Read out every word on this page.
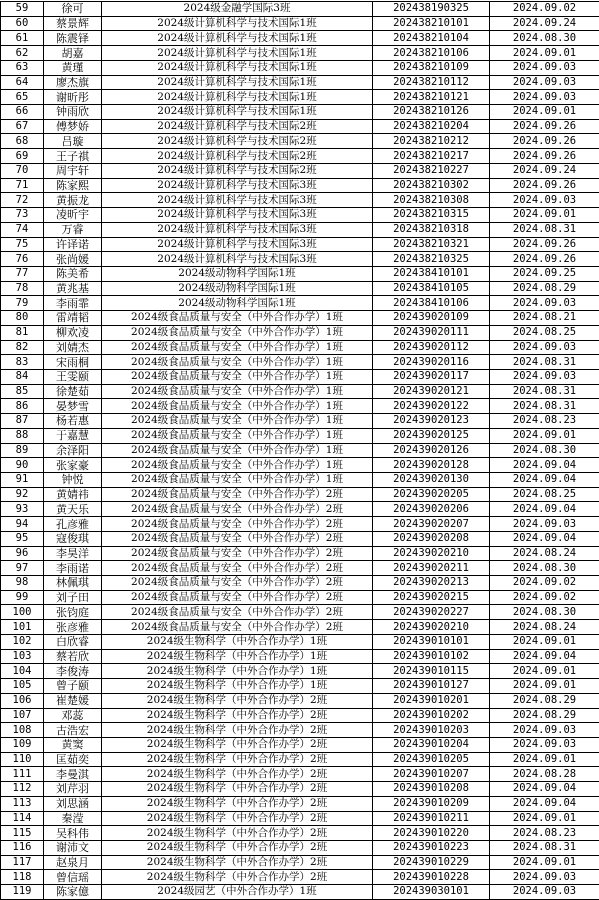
59	徐可	2024级金融学国际3班	202438190325	2024.09.02
60	蔡景辉	2024级计算机科学与技术国际1班	202438210101	2024.09.24
61	陈震铎	2024级计算机科学与技术国际1班	202438210104	2024.08.30
62	胡嘉	2024级计算机科学与技术国际1班	202438210106	2024.09.01
63	黄瑾	2024级计算机科学与技术国际1班	202438210109	2024.09.03
64	廖杰旗	2024级计算机科学与技术国际1班	202438210112	2024.09.03
65	谢昕彤	2024级计算机科学与技术国际1班	202438210121	2024.09.03
66	钟雨欣	2024级计算机科学与技术国际1班	202438210126	2024.09.01
67	傅梦娇	2024级计算机科学与技术国际2班	202438210204	2024.09.26
68	吕璇	2024级计算机科学与技术国际2班	202438210212	2024.09.26
69	王子祺	2024级计算机科学与技术国际2班	202438210217	2024.09.26
70	周宇轩	2024级计算机科学与技术国际2班	202438210227	2024.09.24
71	陈家熙	2024级计算机科学与技术国际3班	202438210302	2024.09.26
72	黄振龙	2024级计算机科学与技术国际3班	202438210308	2024.09.03
73	凌昕宇	2024级计算机科学与技术国际3班	202438210315	2024.09.01
74	万睿	2024级计算机科学与技术国际3班	202438210318	2024.08.31
75	许译诺	2024级计算机科学与技术国际3班	202438210321	2024.09.26
76	张尚媛	2024级计算机科学与技术国际3班	202438210325	2024.09.26
77	陈美希	2024级动物科学国际1班	202438410101	2024.09.25
78	黄兆基	2024级动物科学国际1班	202438410105	2024.08.29
79	李雨霏	2024级动物科学国际1班	202438410106	2024.09.03
80	雷靖韬	2024级食品质量与安全（中外合作办学）1班	202439020109	2024.08.21
81	柳欢凌	2024级食品质量与安全（中外合作办学）1班	202439020111	2024.08.25
82	刘婧杰	2024级食品质量与安全（中外合作办学）1班	202439020112	2024.09.03
83	宋雨桐	2024级食品质量与安全（中外合作办学）1班	202439020116	2024.08.31
84	王雯颐	2024级食品质量与安全（中外合作办学）1班	202439020117	2024.09.03
85	徐楚茹	2024级食品质量与安全（中外合作办学）1班	202439020121	2024.08.31
86	晏梦雪	2024级食品质量与安全（中外合作办学）1班	202439020122	2024.08.31
87	杨若惠	2024级食品质量与安全（中外合作办学）1班	202439020123	2024.08.23
88	于嘉慧	2024级食品质量与安全（中外合作办学）1班	202439020125	2024.09.01
89	余泽阳	2024级食品质量与安全（中外合作办学）1班	202439020126	2024.08.30
90	张家豪	2024级食品质量与安全（中外合作办学）1班	202439020128	2024.09.04
91	钟悦	2024级食品质量与安全（中外合作办学）1班	202439020130	2024.09.04
92	黄婧祎	2024级食品质量与安全（中外合作办学）2班	202439020205	2024.08.25
93	黄天乐	2024级食品质量与安全（中外合作办学）2班	202439020206	2024.09.04
94	孔彦雅	2024级食品质量与安全（中外合作办学）2班	202439020207	2024.09.03
95	寇俊琪	2024级食品质量与安全（中外合作办学）2班	202439020208	2024.09.04
96	李昊洋	2024级食品质量与安全（中外合作办学）2班	202439020210	2024.08.24
97	李雨诺	2024级食品质量与安全（中外合作办学）2班	202439020211	2024.08.30
98	林佩琪	2024级食品质量与安全（中外合作办学）2班	202439020213	2024.09.02
99	刘子田	2024级食品质量与安全（中外合作办学）2班	202439020215	2024.09.02
100	张钧庭	2024级食品质量与安全（中外合作办学）2班	202439020227	2024.08.30
101	张彦雅	2024级食品质量与安全（中外合作办学）2班	202439020210	2024.08.24
102	白欣睿	2024级生物科学（中外合作办学）1班	202439010101	2024.09.01
103	蔡若欣	2024级生物科学（中外合作办学）1班	202439010102	2024.09.04
104	李俊涛	2024级生物科学（中外合作办学）1班	202439010115	2024.09.01
105	曾子颐	2024级生物科学（中外合作办学）1班	202439010127	2024.09.01
106	崔楚媛	2024级生物科学（中外合作办学）2班	202439010201	2024.08.29
107	邓蕊	2024级生物科学（中外合作办学）2班	202439010202	2024.08.29
108	古浩宏	2024级生物科学（中外合作办学）2班	202439010203	2024.09.03
109	黄窦	2024级生物科学（中外合作办学）2班	202439010204	2024.09.03
110	匡茹奕	2024级生物科学（中外合作办学）2班	202439010205	2024.09.01
111	李曼淇	2024级生物科学（中外合作办学）2班	202439010207	2024.08.28
112	刘芹羽	2024级生物科学（中外合作办学）2班	202439010208	2024.09.04
113	刘思涵	2024级生物科学（中外合作办学）2班	202439010209	2024.09.04
114	秦滢	2024级生物科学（中外合作办学）2班	202439010211	2024.09.01
115	吴科伟	2024级生物科学（中外合作办学）2班	202439010220	2024.08.23
116	谢沛文	2024级生物科学（中外合作办学）2班	202439010223	2024.08.31
117	赵泉月	2024级生物科学（中外合作办学）2班	202439010229	2024.09.01
118	曾信瑶	2024级生物科学（中外合作办学）2班	202439010228	2024.09.03
119	陈家億	2024级园艺（中外合作办学）1班	202439030101	2024.09.03
